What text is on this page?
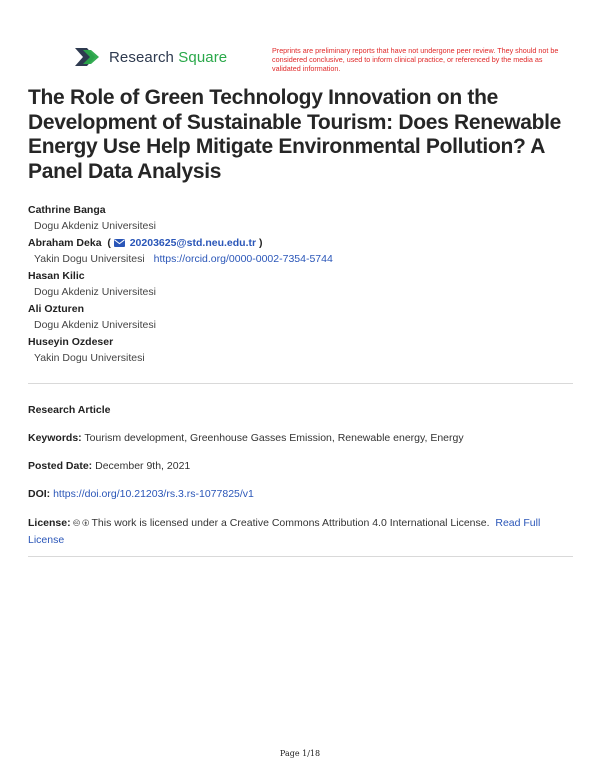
Research Square	Preprints are preliminary reports that have not undergone peer review. They should not be considered conclusive, used to inform clinical practice, or referenced by the media as validated information.
The Role of Green Technology Innovation on the Development of Sustainable Tourism: Does Renewable Energy Use Help Mitigate Environmental Pollution? A Panel Data Analysis
Cathrine Banga
Dogu Akdeniz Universitesi
Abraham Deka  ( 20203625@std.neu.edu.tr )
Yakin Dogu Universitesi https://orcid.org/0000-0002-7354-5744
Hasan Kilic
Dogu Akdeniz Universitesi
Ali Ozturen
Dogu Akdeniz Universitesi
Huseyin Ozdeser
Yakin Dogu Universitesi
Research Article
Keywords: Tourism development, Greenhouse Gasses Emission, Renewable energy, Energy
Posted Date: December 9th, 2021
DOI: https://doi.org/10.21203/rs.3.rs-1077825/v1
License: 🅭 🅯 This work is licensed under a Creative Commons Attribution 4.0 International License. Read Full License
Page 1/18
